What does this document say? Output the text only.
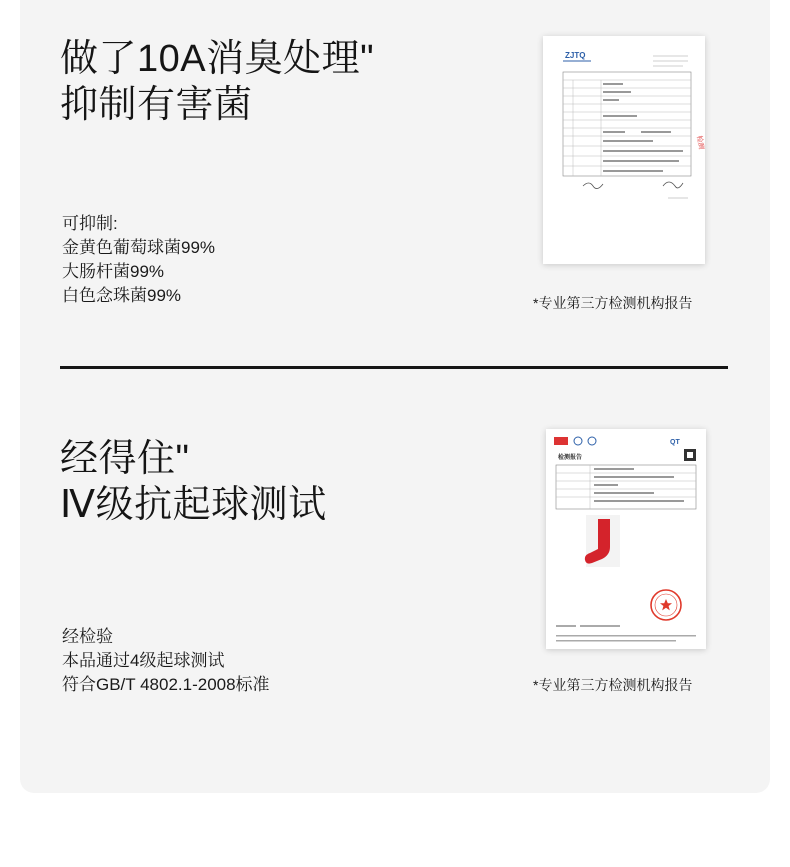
做了10A消臭处理"
抑制有害菌
可抑制:
金黄色葡萄球菌99%
大肠杆菌99%
白色念珠菌99%
ZJTQ
检测
*专业第三方检测机构报告
经得住"
Ⅳ级抗起球测试
经检验
本品通过4级起球测试
符合GB/T 4802.1-2008标准
QT
检测报告
*专业第三方检测机构报告
